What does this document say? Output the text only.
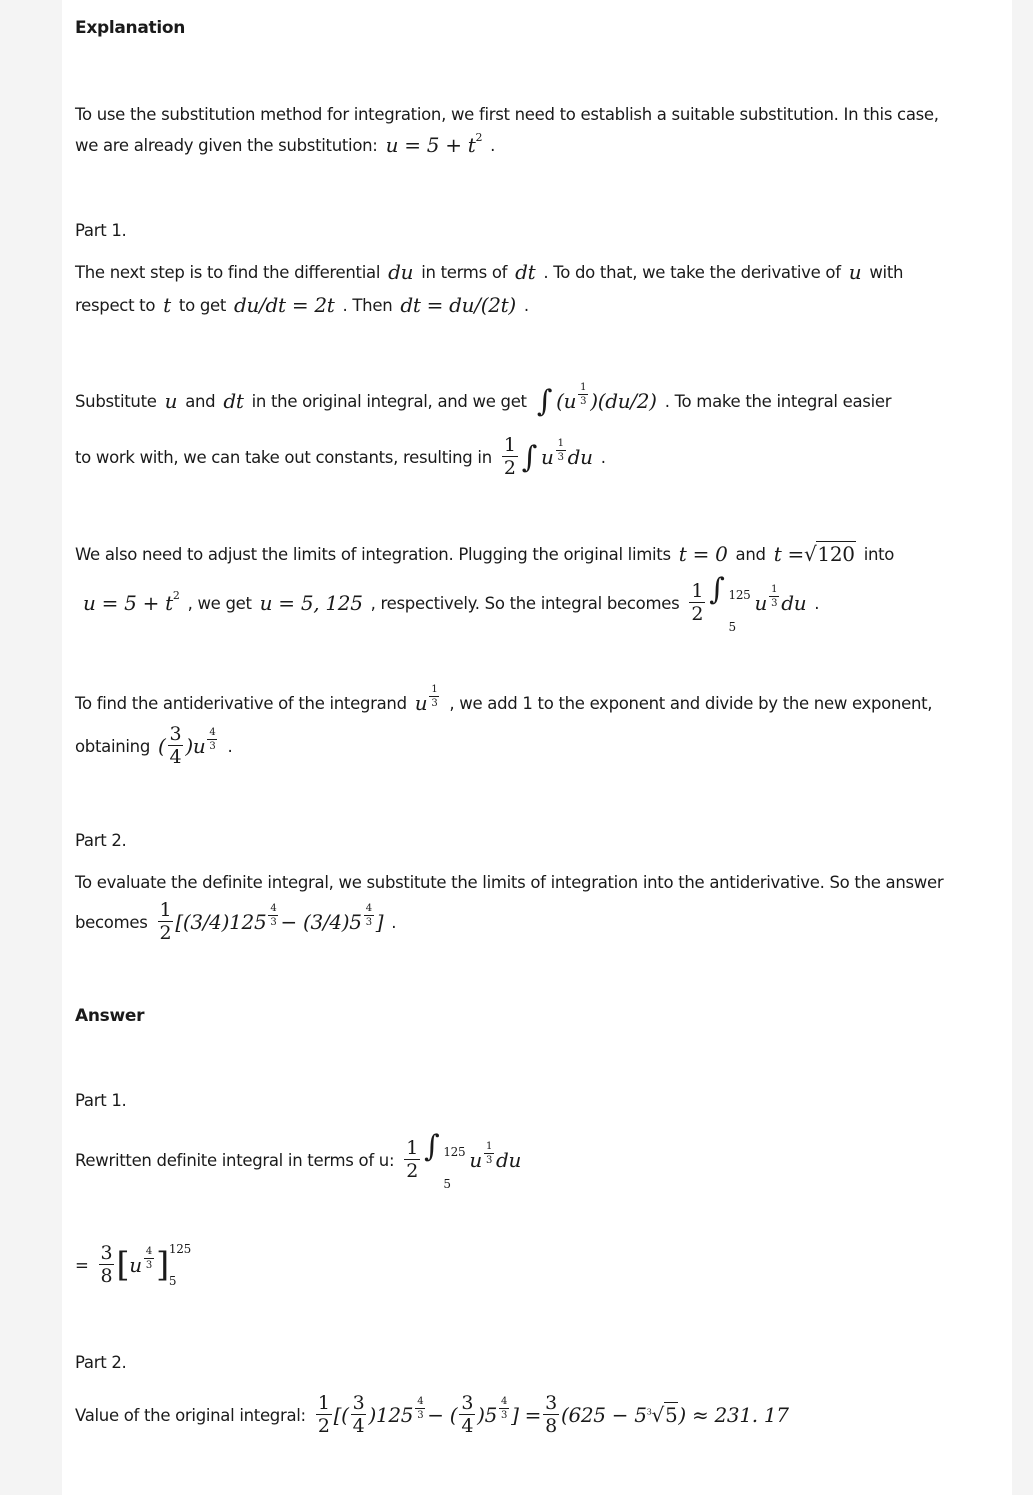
Explanation
Answer
To use the substitution method for integration, we first need to establish a suitable substitution. In this case,
we are already given the substitution: u = 5 + t 2 .
Part 1.
The next step is to find the differential du in terms of dt . To do that, we take the derivative of u with
respect to t to get du/dt = 2t . Then dt = du/(2t) .
Substitute u and dt in the original integral, and we get ∫ $(u \frac{1}{3} )(du/2)$ . To make the integral easier
to work with, we can take out constants, resulting in $\frac{1}{2}$ ∫ u $\frac{1}{3}$ du .
We also need to adjust the limits of integration. Plugging the original limits t = 0 and t = √120 into
u = 5 + t 2 , we get u = 5, 125 , respectively. So the integral becomes $\frac{1}{2}$ ∫ 125
5
u $\frac{1}{3}$ du .
To find the antiderivative of the integrand u $\frac{1}{3}$ , we add 1 to the exponent and divide by the new exponent,
obtaining ( $\frac{3}{4} )u \frac{4}{3}$ .
Part 2.
To evaluate the definite integral, we substitute the limits of integration into the antiderivative. So the answer
becomes $\frac{1}{2} [(3/4)125 \frac{4}{3} - (3/4)5 \frac{4}{3}$ ] .
Part 1.
Rewritten definite integral in terms of u: $\frac{1}{2}$ ∫ 125
5
u $\frac{1}{3}$ du
= $\frac{3}{8}$ [ u $\frac{4}{3}$ ] 125
5
Part 2.
Value of the original integral: $\frac{1}{2}$ [( $\frac{3}{4} )125 \frac{4}{3}$ − ( $\frac{3}{4} )5 \frac{4}{3}$ ] = $\frac{3}{8} (625 - 5$ $^3$√5 ) ≈ 231. 17
